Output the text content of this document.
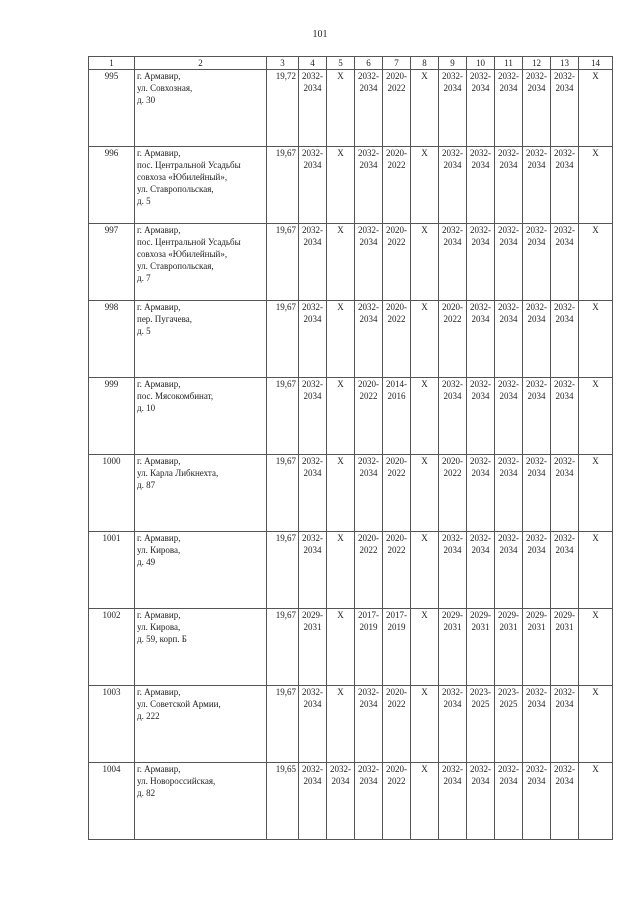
101
1	2	3	4	5	6	7	8	9	10	11	12	13	14
995	г. Армавир,
ул. Совхозная,
д. 30	19,72	2032-2034	Х	2032-2034	2020-2022	Х	2032-2034	2032-2034	2032-2034	2032-2034	2032-2034	Х
996	г. Армавир,
пос. Центральной Усадьбы
совхоза «Юбилейный»,
ул. Ставропольская,
д. 5	19,67	2032-2034	Х	2032-2034	2020-2022	Х	2032-2034	2032-2034	2032-2034	2032-2034	2032-2034	Х
997	г. Армавир,
пос. Центральной Усадьбы
совхоза «Юбилейный»,
ул. Ставропольская,
д. 7	19,67	2032-2034	Х	2032-2034	2020-2022	Х	2032-2034	2032-2034	2032-2034	2032-2034	2032-2034	Х
998	г. Армавир,
пер. Пугачева,
д. 5	19,67	2032-2034	Х	2032-2034	2020-2022	Х	2020-2022	2032-2034	2032-2034	2032-2034	2032-2034	Х
999	г. Армавир,
пос. Мясокомбинат,
д. 10	19,67	2032-2034	Х	2020-2022	2014-2016	Х	2032-2034	2032-2034	2032-2034	2032-2034	2032-2034	Х
1000	г. Армавир,
ул. Карла Либкнехта,
д. 87	19,67	2032-2034	Х	2032-2034	2020-2022	Х	2020-2022	2032-2034	2032-2034	2032-2034	2032-2034	Х
1001	г. Армавир,
ул. Кирова,
д. 49	19,67	2032-2034	Х	2020-2022	2020-2022	Х	2032-2034	2032-2034	2032-2034	2032-2034	2032-2034	Х
1002	г. Армавир,
ул. Кирова,
д. 59, корп. Б	19,67	2029-2031	Х	2017-2019	2017-2019	Х	2029-2031	2029-2031	2029-2031	2029-2031	2029-2031	Х
1003	г. Армавир,
ул. Советской Армии,
д. 222	19,67	2032-2034	Х	2032-2034	2020-2022	Х	2032-2034	2023-2025	2023-2025	2032-2034	2032-2034	Х
1004	г. Армавир,
ул. Новороссийская,
д. 82	19,65	2032-2034	2032-2034	2032-2034	2020-2022	Х	2032-2034	2032-2034	2032-2034	2032-2034	2032-2034	Х
